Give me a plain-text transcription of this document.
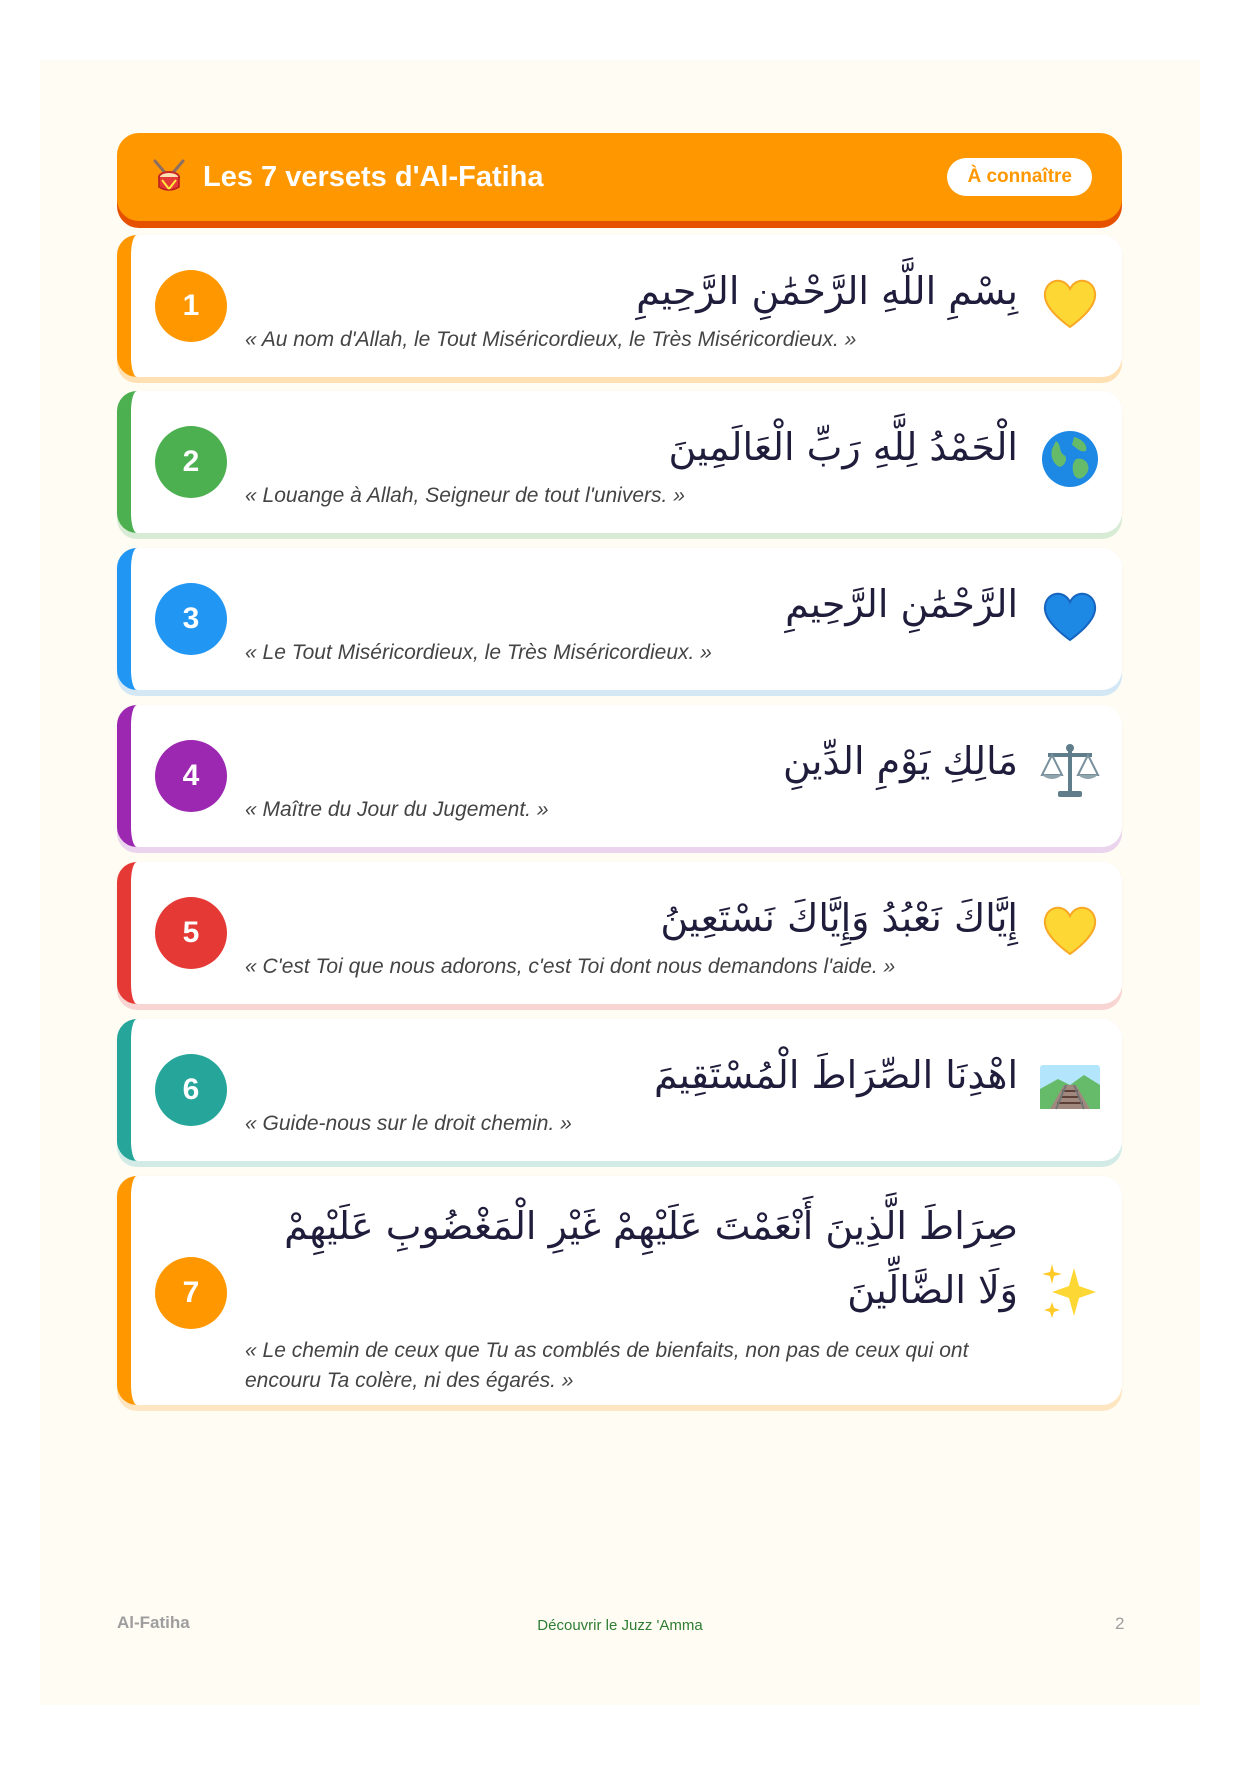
Les 7 versets d'Al-Fatiha	À connaître
1	بِسْمِ اللَّهِ الرَّحْمَٰنِ الرَّحِيمِ
« Au nom d'Allah, le Tout Miséricordieux, le Très Miséricordieux. »
2	الْحَمْدُ لِلَّهِ رَبِّ الْعَالَمِينَ
« Louange à Allah, Seigneur de tout l'univers. »
3	الرَّحْمَٰنِ الرَّحِيمِ
« Le Tout Miséricordieux, le Très Miséricordieux. »
4	مَالِكِ يَوْمِ الدِّينِ
« Maître du Jour du Jugement. »
5	إِيَّاكَ نَعْبُدُ وَإِيَّاكَ نَسْتَعِينُ
« C'est Toi que nous adorons, c'est Toi dont nous demandons l'aide. »
6	اهْدِنَا الصِّرَاطَ الْمُسْتَقِيمَ
« Guide-nous sur le droit chemin. »
7
صِرَاطَ الَّذِينَ أَنْعَمْتَ عَلَيْهِمْ غَيْرِ الْمَغْضُوبِ عَلَيْهِمْ وَلَا الضَّالِّينَ
« Le chemin de ceux que Tu as comblés de bienfaits, non pas de ceux qui ont encouru Ta colère, ni des égarés. »
Al-Fatiha	Découvrir le Juzz 'Amma	2
